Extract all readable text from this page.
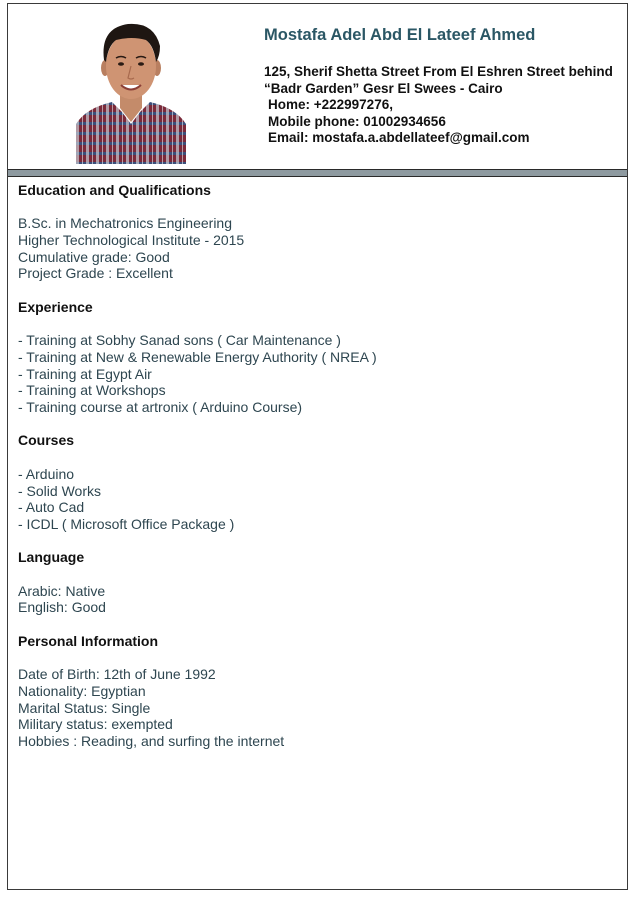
Mostafa Adel Abd El Lateef Ahmed
125, Sherif Shetta Street From El Eshren Street behind
“Badr Garden” Gesr El Swees - Cairo
Home: +222997276,
Mobile phone: 01002934656
Email: mostafa.a.abdellateef@gmail.com
Education and Qualifications
B.Sc. in Mechatronics Engineering
Higher Technological Institute - 2015
Cumulative grade: Good
Project Grade : Excellent
Experience
- Training at Sobhy Sanad sons ( Car Maintenance )
- Training at New & Renewable Energy Authority ( NREA )
- Training at Egypt Air
- Training at Workshops
- Training course at artronix ( Arduino Course)
Courses
- Arduino
- Solid Works
- Auto Cad
- ICDL ( Microsoft Office Package )
Language
Arabic: Native
English: Good
Personal Information
Date of Birth: 12th of June 1992
Nationality: Egyptian
Marital Status: Single
Military status: exempted
Hobbies : Reading, and surfing the internet
